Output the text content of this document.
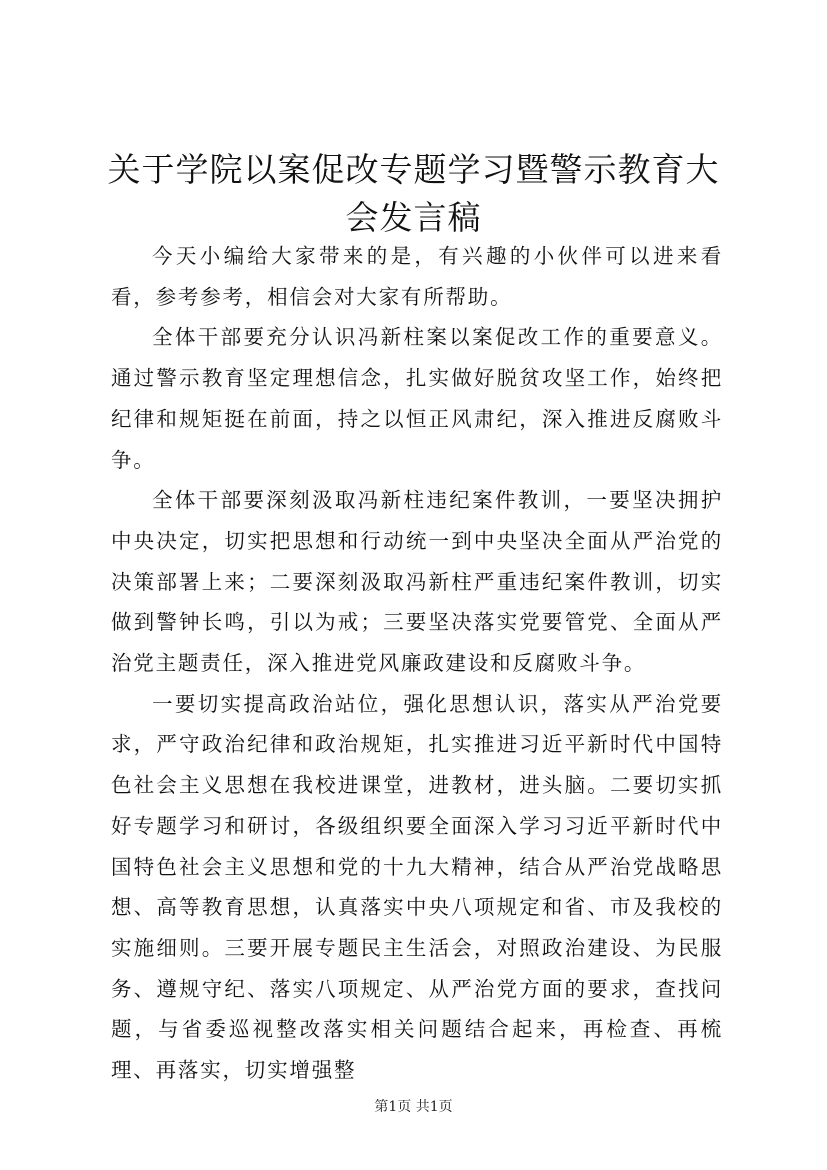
关于学院以案促改专题学习暨警示教育大会发言稿

今天小编给大家带来的是，有兴趣的小伙伴可以进来看看，参考参考，相信会对大家有所帮助。

全体干部要充分认识冯新柱案以案促改工作的重要意义。通过警示教育坚定理想信念，扎实做好脱贫攻坚工作，始终把纪律和规矩挺在前面，持之以恒正风肃纪，深入推进反腐败斗争。

全体干部要深刻汲取冯新柱违纪案件教训，一要坚决拥护中央决定，切实把思想和行动统一到中央坚决全面从严治党的决策部署上来；二要深刻汲取冯新柱严重违纪案件教训，切实做到警钟长鸣，引以为戒；三要坚决落实党要管党、全面从严治党主题责任，深入推进党风廉政建设和反腐败斗争。

一要切实提高政治站位，强化思想认识，落实从严治党要求，严守政治纪律和政治规矩，扎实推进习近平新时代中国特色社会主义思想在我校进课堂，进教材，进头脑。二要切实抓好专题学习和研讨，各级组织要全面深入学习习近平新时代中国特色社会主义思想和党的十九大精神，结合从严治党战略思想、高等教育思想，认真落实中央八项规定和省、市及我校的实施细则。三要开展专题民主生活会，对照政治建设、为民服务、遵规守纪、落实八项规定、从严治党方面的要求，查找问题，与省委巡视整改落实相关问题结合起来，再检查、再梳理、再落实，切实增强整

第1页 共1页
